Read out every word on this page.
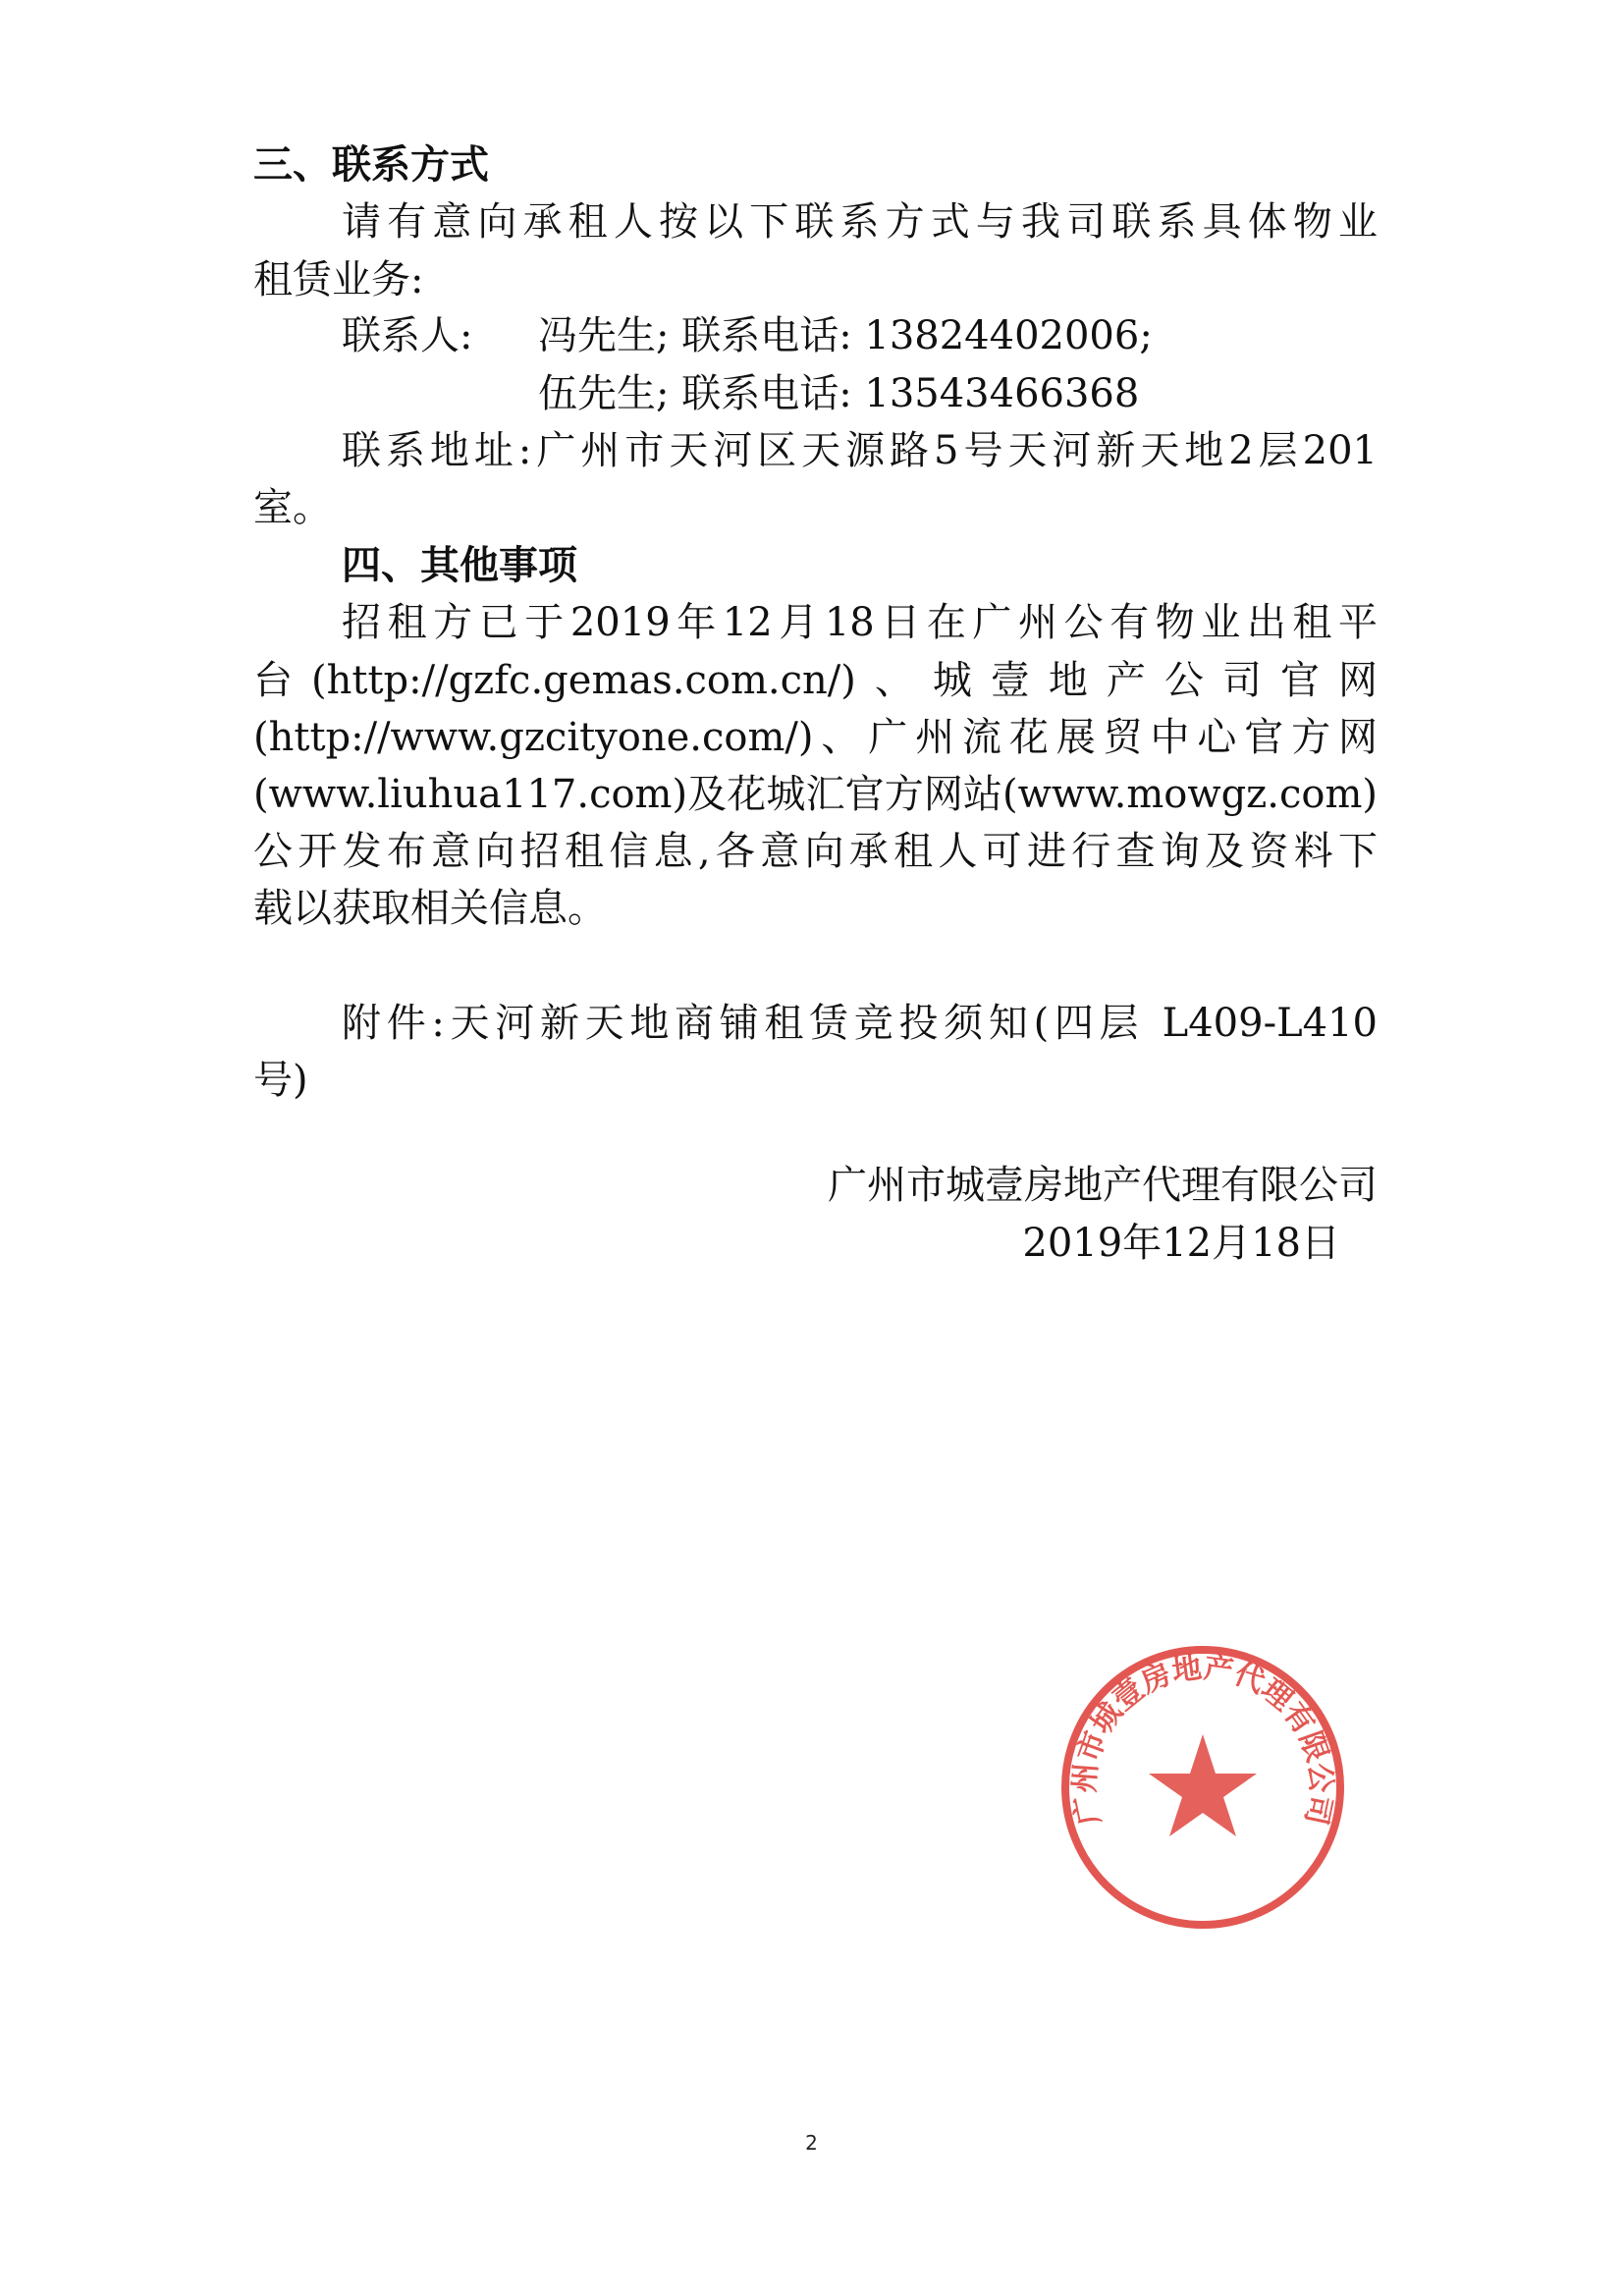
三、联系方式
请有意向承租人按以下联系方式与我司联系具体物业
租赁业务:
联系人: 冯先生; 联系电话: 13824402006;
伍先生; 联系电话: 13543466368
联系地址:广州市天河区天源路5号天河新天地2层201
室。
四、其他事项
招租方已于2019年12月18日在广州公有物业出租平
台(http://gzfc.gemas.com.cn/)、城壹地产公司官网
(http://www.gzcityone.com/)、广州流花展贸中心官方网
(www.liuhua117.com)及花城汇官方网站(www.mowgz.com)
公开发布意向招租信息,各意向承租人可进行查询及资料下
载以获取相关信息。
附件:天河新天地商铺租赁竞投须知(四层 L409-L410
号)
广州市城壹房地产代理有限公司
广州市城壹房地产代理有限公司
2019年12月18日
2
